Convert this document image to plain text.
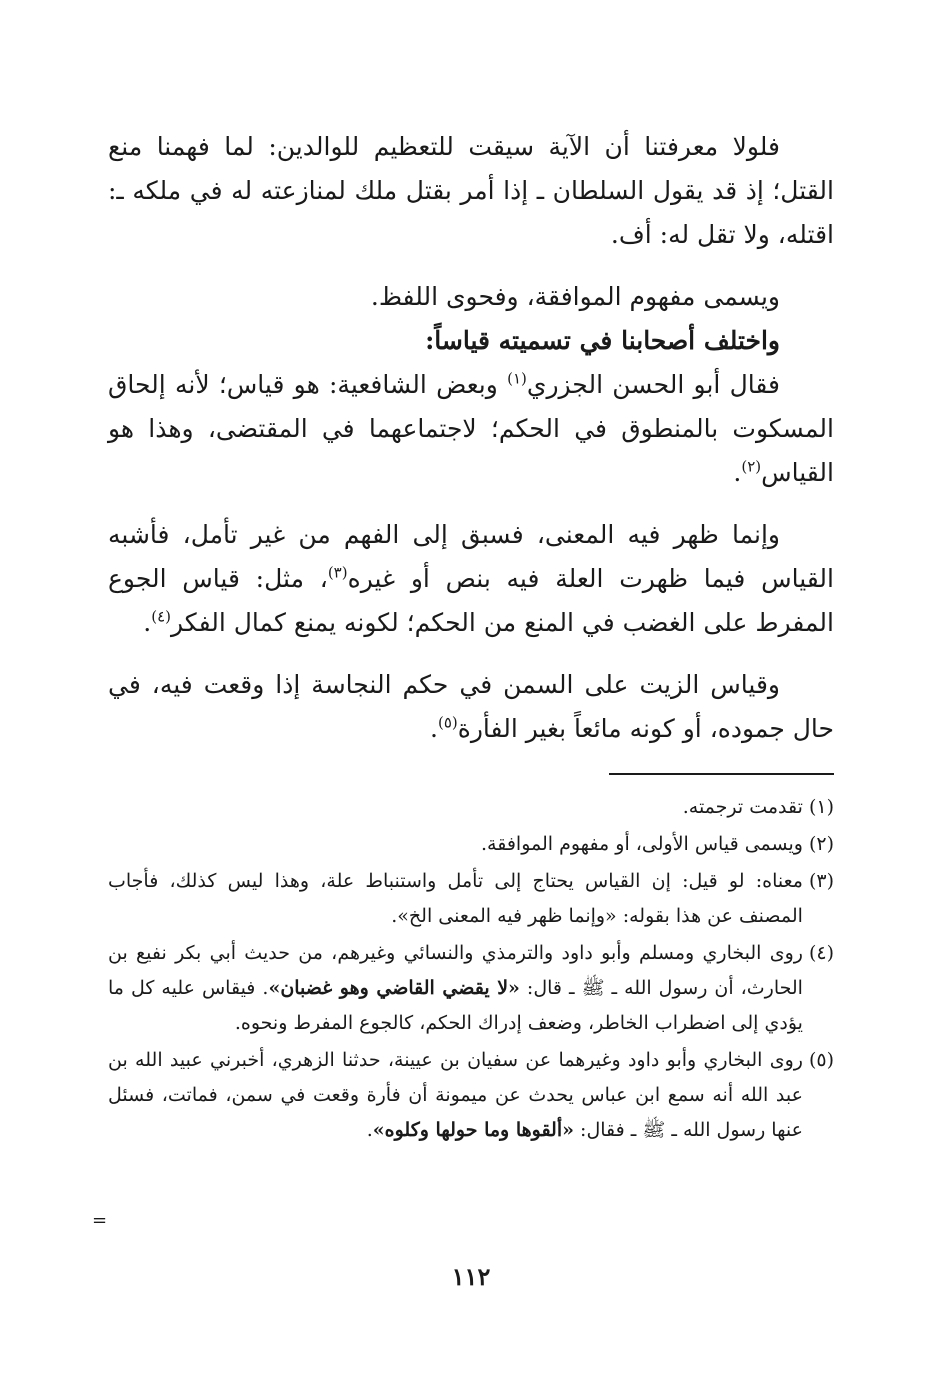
فلولا معرفتنا أن الآية سيقت للتعظيم للوالدين: لما فهمنا منع القتل؛ إذ قد يقول السلطان ـ إذا أمر بقتل ملك لمنازعته له في ملكه ـ: اقتله، ولا تقل له: أف.

ويسمى مفهوم الموافقة، وفحوى اللفظ.

واختلف أصحابنا في تسميته قياساً:

فقال أبو الحسن الجزري$^{(١)}$ وبعض الشافعية: هو قياس؛ لأنه إلحاق المسكوت بالمنطوق في الحكم؛ لاجتماعهما في المقتضى، وهذا هو القياس$^{(٢)}$.

وإنما ظهر فيه المعنى، فسبق إلى الفهم من غير تأمل، فأشبه القياس فيما ظهرت العلة فيه بنص أو غيره$^{(٣)}$، مثل: قياس الجوع المفرط على الغضب في المنع من الحكم؛ لكونه يمنع كمال الفكر$^{(٤)}$.

وقياس الزيت على السمن في حكم النجاسة إذا وقعت فيه، في حال جموده، أو كونه مائعاً بغير الفأرة$^{(٥)}$.

(١)
تقدمت ترجمته.
(٢)
ويسمى قياس الأولى، أو مفهوم الموافقة.
(٣)
معناه: لو قيل: إن القياس يحتاج إلى تأمل واستنباط علة، وهذا ليس كذلك، فأجاب المصنف عن هذا بقوله: «وإنما ظهر فيه المعنى الخ».
(٤)
روى البخاري ومسلم وأبو داود والترمذي والنسائي وغيرهم، من حديث أبي بكر نفيع بن الحارث، أن رسول الله ـ ﷺ ـ قال: «لا يقضي القاضي وهو غضبان». فيقاس عليه كل ما يؤدي إلى اضطراب الخاطر، وضعف إدراك الحكم، كالجوع المفرط ونحوه.
(٥)
روى البخاري وأبو داود وغيرهما عن سفيان بن عيينة، حدثنا الزهري، أخبرني عبيد الله بن عبد الله أنه سمع ابن عباس يحدث عن ميمونة أن فأرة وقعت في سمن، فماتت، فسئل عنها رسول الله ـ ﷺ ـ فقال: «ألقوها وما حولها وكلوه».
=
١١٢
